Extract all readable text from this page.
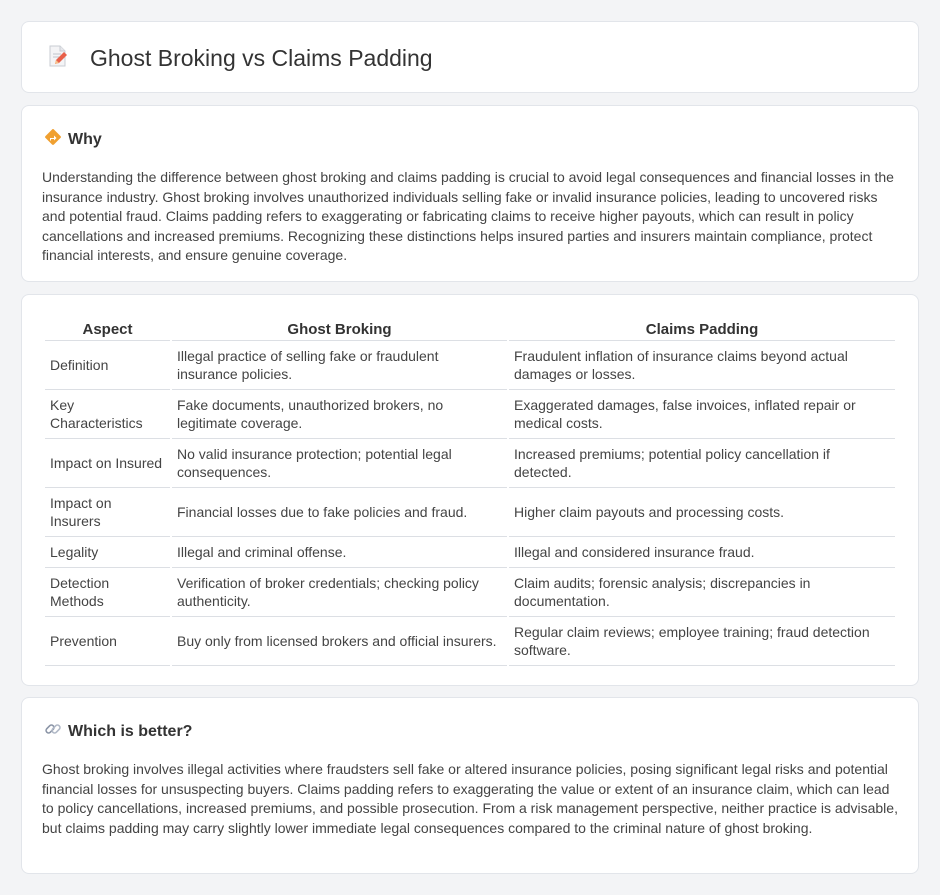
Ghost Broking vs Claims Padding
Why

Understanding the difference between ghost broking and claims padding is crucial to avoid legal consequences and financial losses in the insurance industry. Ghost broking involves unauthorized individuals selling fake or invalid insurance policies, leading to uncovered risks and potential fraud. Claims padding refers to exaggerating or fabricating claims to receive higher payouts, which can result in policy cancellations and increased premiums. Recognizing these distinctions helps insured parties and insurers maintain compliance, protect financial interests, and ensure genuine coverage.

Aspect	Ghost Broking	Claims Padding
Definition	Illegal practice of selling fake or fraudulent insurance policies.	Fraudulent inflation of insurance claims beyond actual damages or losses.
Key Characteristics	Fake documents, unauthorized brokers, no legitimate coverage.	Exaggerated damages, false invoices, inflated repair or medical costs.
Impact on Insured	No valid insurance protection; potential legal consequences.	Increased premiums; potential policy cancellation if detected.
Impact on Insurers	Financial losses due to fake policies and fraud.	Higher claim payouts and processing costs.
Legality	Illegal and criminal offense.	Illegal and considered insurance fraud.
Detection Methods	Verification of broker credentials; checking policy authenticity.	Claim audits; forensic analysis; discrepancies in documentation.
Prevention	Buy only from licensed brokers and official insurers.	Regular claim reviews; employee training; fraud detection software.
Which is better?

Ghost broking involves illegal activities where fraudsters sell fake or altered insurance policies, posing significant legal risks and potential financial losses for unsuspecting buyers. Claims padding refers to exaggerating the value or extent of an insurance claim, which can lead to policy cancellations, increased premiums, and possible prosecution. From a risk management perspective, neither practice is advisable, but claims padding may carry slightly lower immediate legal consequences compared to the criminal nature of ghost broking.
